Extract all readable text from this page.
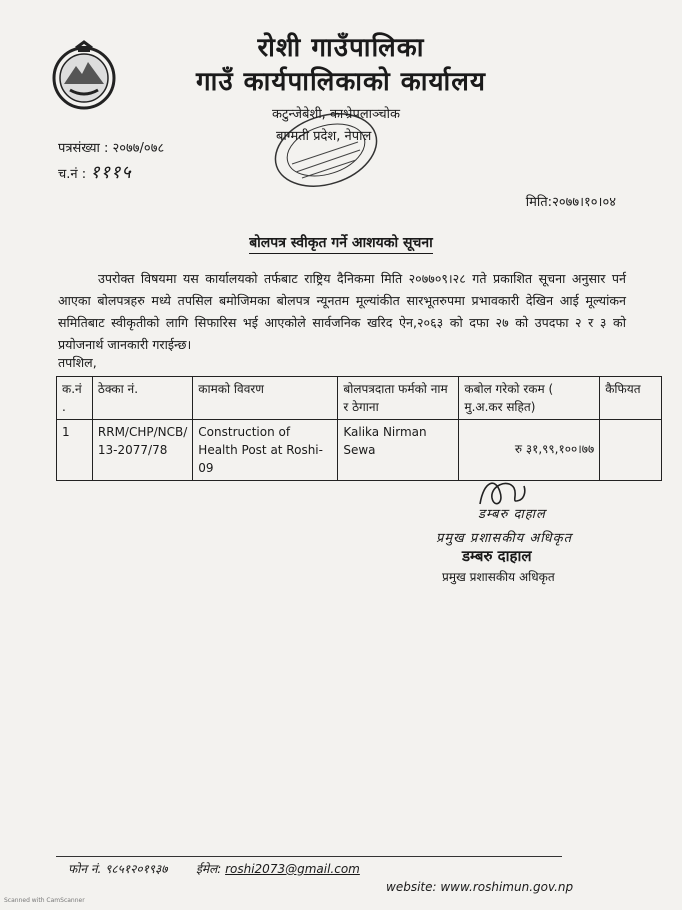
रोशी गाउँपालिका
गाउँ कार्यपालिकाको कार्यालय
कटुन्जेबेशी, काभ्रेपलाञ्चोक
बाग्मती प्रदेश, नेपाल
पत्रसंख्या : २०७७/०७८
च.नं : १११५
मिति:२०७७।१०।०४
बोलपत्र स्वीकृत गर्ने आशयको सूचना
उपरोक्त विषयमा यस कार्यालयको तर्फबाट राष्ट्रिय दैनिकमा मिति २०७७०९।२८ गते प्रकाशित सूचना अनुसार पर्न आएका बोलपत्रहरु मध्ये तपसिल बमोजिमका बोलपत्र न्यूनतम मूल्यांकीत सारभूतरुपमा प्रभावकारी देखिन आई मूल्यांकन समितिबाट स्वीकृतीको लागि सिफारिस भई आएकोले सार्वजनिक खरिद ऐन,२०६३ को दफा २७ को उपदफा २ र ३ को प्रयोजनार्थ जानकारी गराईन्छ।
तपशिल,
क.नं .	ठेक्का नं.	कामको विवरण	बोलपत्रदाता फर्मको नाम र ठेगाना	कबोल गरेको रकम ( मु.अ.कर सहित)	कैफियत
1	RRM/CHP/NCB/ 13-2077/78	Construction of Health Post at Roshi-09	Kalika Nirman Sewa	रु ३१,९९,१००।७७	
डम्बरु दाहाल
प्रमुख प्रशासकीय अधिकृत
डम्बरु दाहाल
प्रमुख प्रशासकीय अधिकृत
फोन नं. ९८५१२०१९३७ ईमेल: roshi2073@gmail.com
website: www.roshimun.gov.np
Scanned with CamScanner
